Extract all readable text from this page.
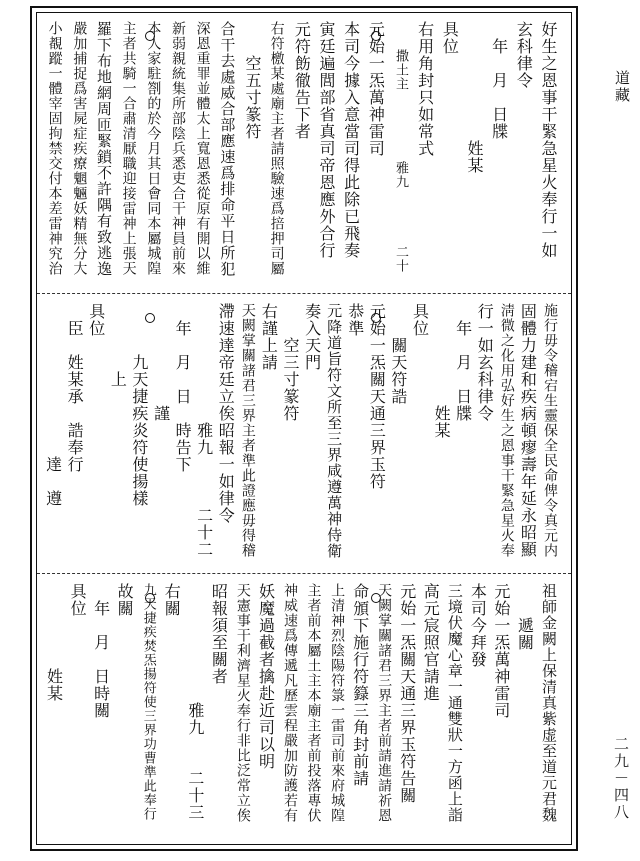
好生之恩事干緊急星火奉行一如
玄科律令
　年　月　日牒
　　　　　　　姓某
具位
右用角封只如常式
　　撒土主　　　　　雅九　　　　二十
元始一炁萬神雷司
本司今據入意當司得此除已飛奏
寅廷遍閭部省真司帝恩應外合行
元符飭徹告下者
右符檄某處廟主者請照驗速爲掊押司屬
　　空五寸篆符
合干去處威合部應速爲排命平日所犯
深恩重罪並體太上寬恩悉從原有開以維
新弱親統集所部陰兵悉吏合干神員前來
本人家駐劄的於今月其日會同本屬城隍
主者共騎一合肅清厭職迎接雷神上張天
羅下布地網周匝緊鎖不許隅有致逃逸
嚴加捕捉爲害屍症疾療魍魎妖精無分大
小覩蹤一體宰固拘禁交付本差雷神究治
施行毋令稽宕生靈保全民命俾令真元内
固體力建和疾病頓瘳壽年延永昭顯
淸微之化用弘好生之恩事干緊急星火奉
行一如玄科律令
　年　月　日牒
　　　　　　姓某
具位
　　關天符誥
元始一炁關天通三界玉符
恭準
元降道旨符文所至三界咸遵萬神侍衛
奏入天門
　　空三寸篆符
右謹上請
天闕掌關諸君三界主者準此證應毋得稽
滯速達帝廷立俟昭報一如律令
　　　　　　　雅九　　　二十二
　年　月　日　時告下
　　　　　　謹
　　　九天捷疾炎符使揚樣
　　　　上
具位
　臣　姓某承　誥奉行
　　　　　　　　　達　遵
祖師金闕上保清真紫虚至道元君魏
　　遞關
元始一炁萬神雷司
本司今拜發
三境伏魔心章一通雙狀一方函上詣
高元宸照官請進
元始一炁關天通三界玉符告關
天闕掌關諸君三界主者前請進請祈恩
命頒下施行符籙三角封前請
上清神烈陰陽符箓一雷司前來府城隍
主者前本屬土主本廟主者前投落專伏
神威速爲傳遞凡歷雲程嚴加防護若有
妖魔過截者擒赴近司以明
天憲事干利濟星火奉行非比泛常立俟
昭報須至關者
　　　　　　　雅九　　二十三
右關
九天捷疾焚炁揚符使三界功曹準此奉行
故關
　年　月　日時關
具位
　　　　　姓某
道藏
二九－四八
